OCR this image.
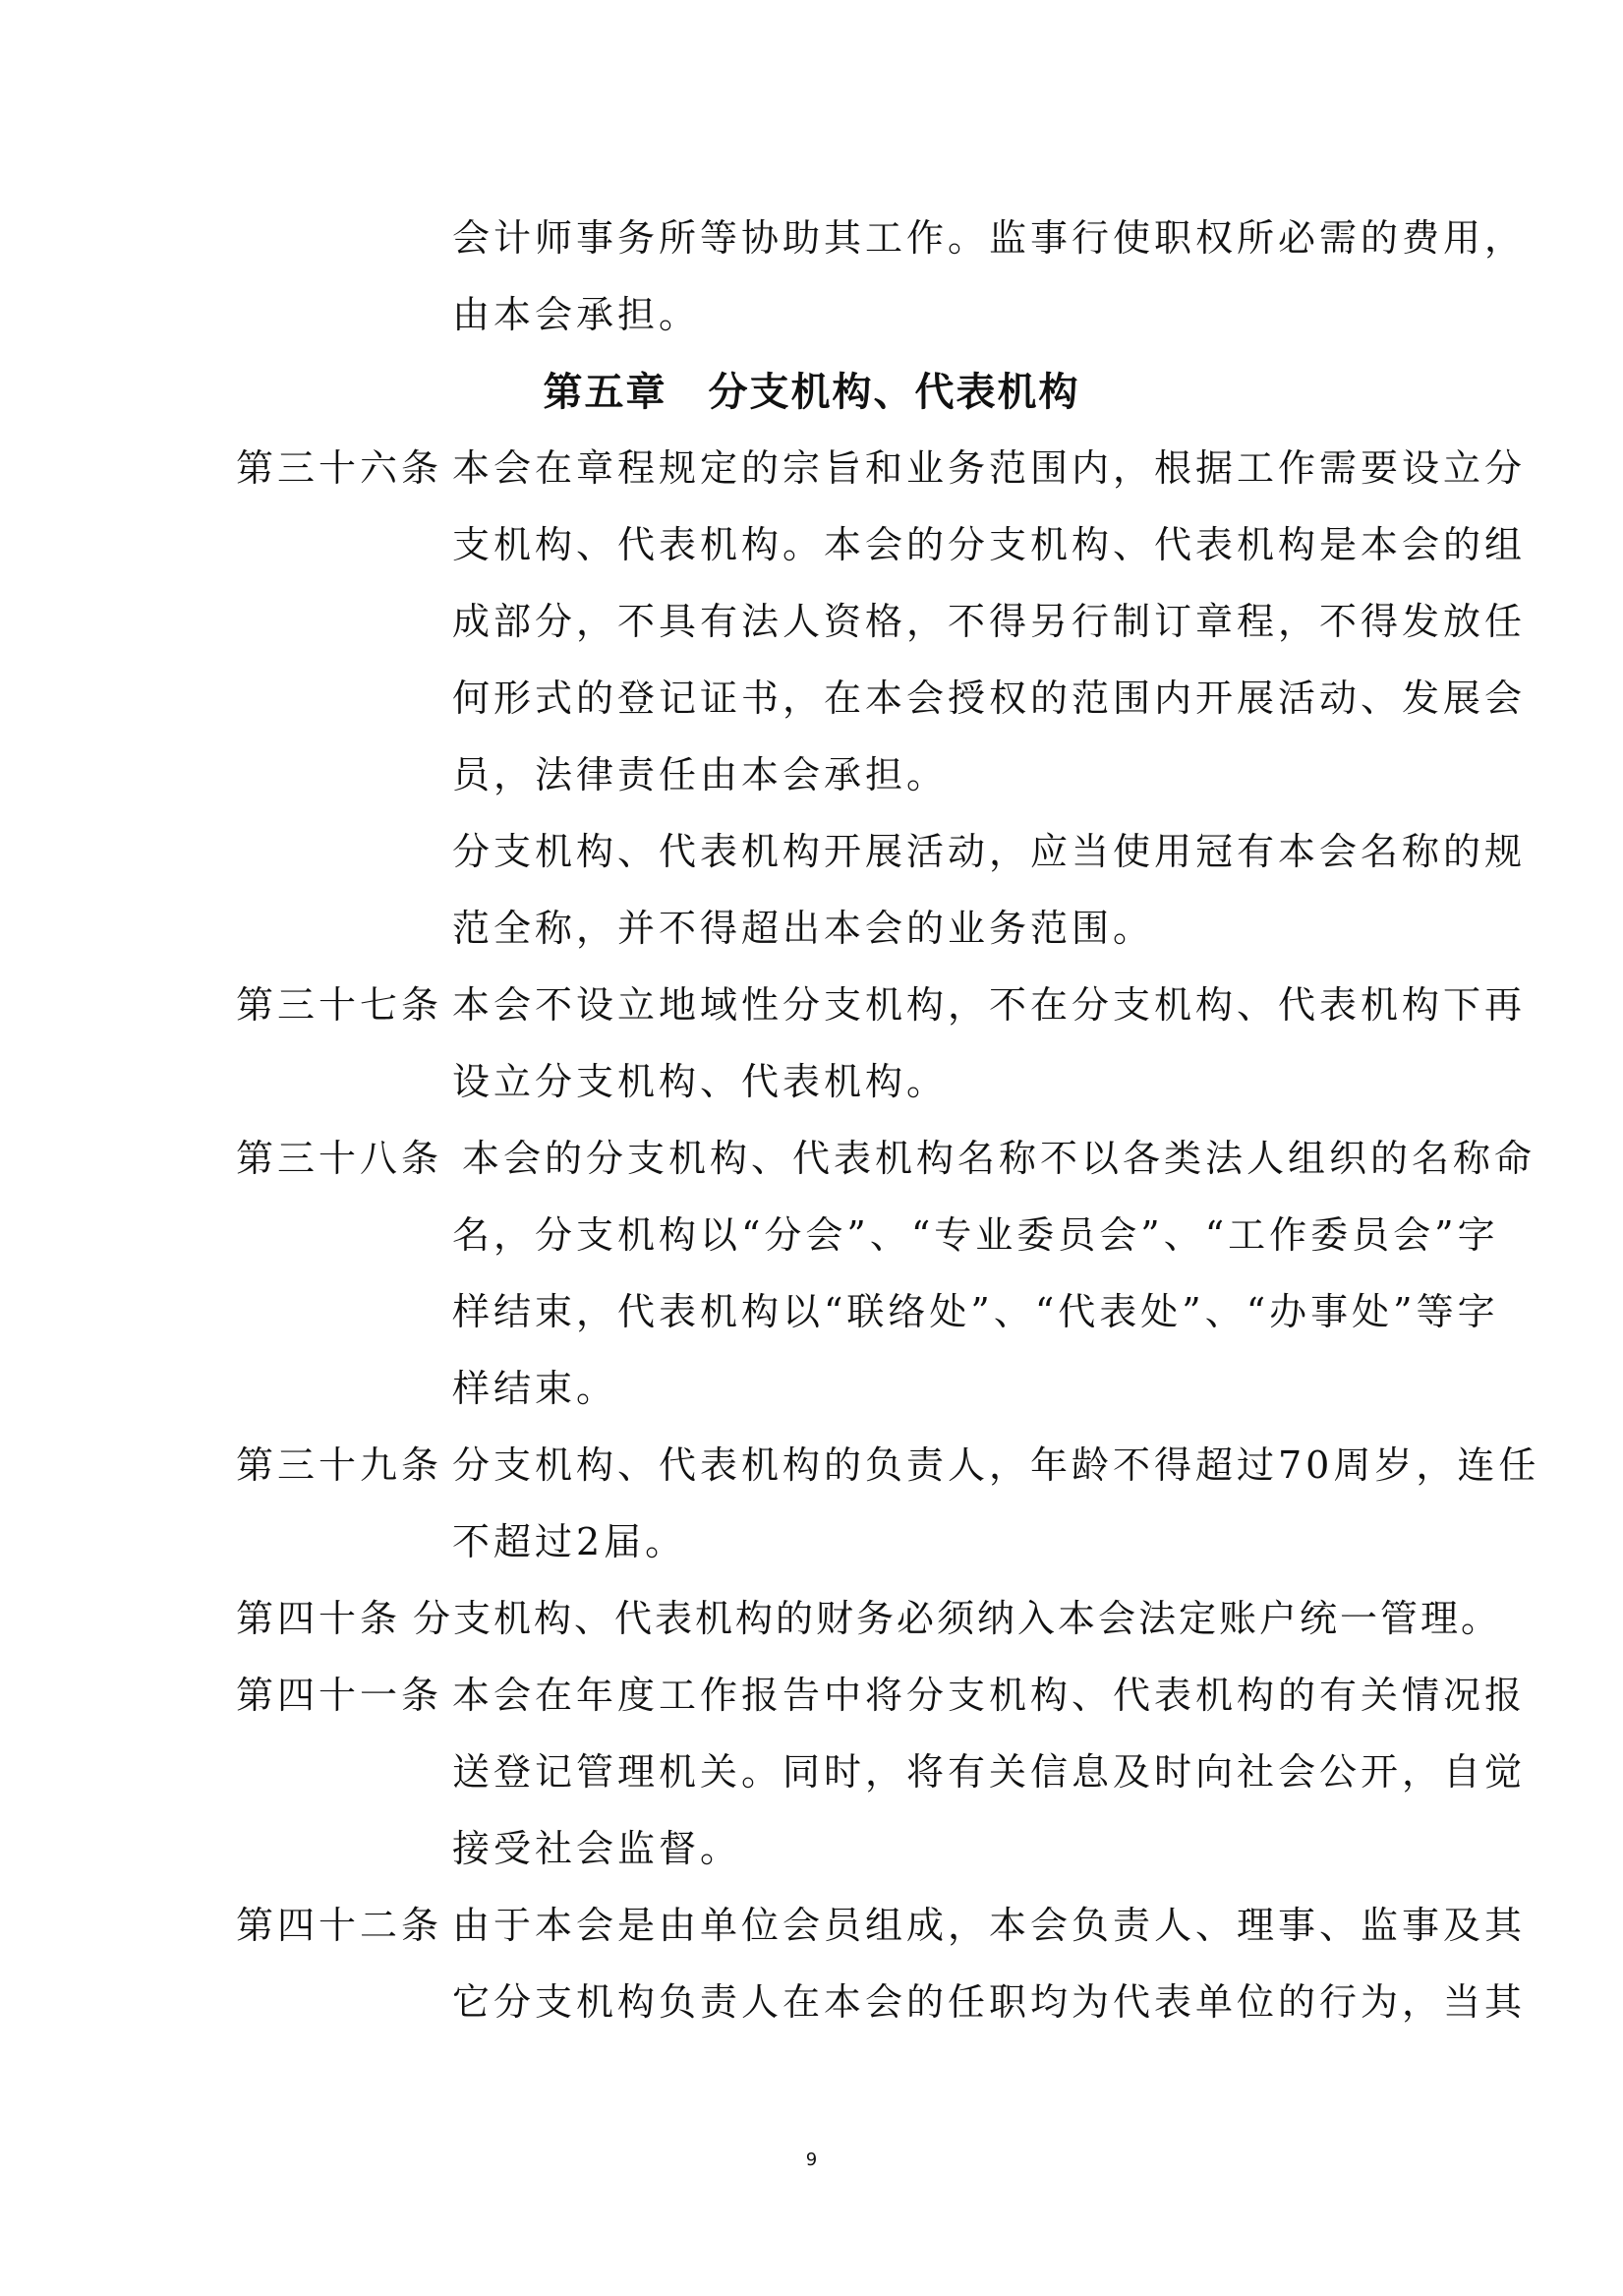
会计师事务所等协助其工作。监事行使职权所必需的费用，
由本会承担。
第五章　分支机构、代表机构
第三十六条 本会在章程规定的宗旨和业务范围内，根据工作需要设立分
支机构、代表机构。本会的分支机构、代表机构是本会的组
成部分，不具有法人资格，不得另行制订章程，不得发放任
何形式的登记证书，在本会授权的范围内开展活动、发展会
员，法律责任由本会承担。
分支机构、代表机构开展活动，应当使用冠有本会名称的规
范全称，并不得超出本会的业务范围。
第三十七条 本会不设立地域性分支机构，不在分支机构、代表机构下再
设立分支机构、代表机构。
第三十八条 本会的分支机构、代表机构名称不以各类法人组织的名称命
名，分支机构以“分会”、“专业委员会”、“工作委员会”字
样结束，代表机构以“联络处”、“代表处”、“办事处”等字
样结束。
第三十九条 分支机构、代表机构的负责人，年龄不得超过70周岁，连任
不超过2届。
第四十条 分支机构、代表机构的财务必须纳入本会法定账户统一管理。
第四十一条 本会在年度工作报告中将分支机构、代表机构的有关情况报
送登记管理机关。同时，将有关信息及时向社会公开，自觉
接受社会监督。
第四十二条 由于本会是由单位会员组成，本会负责人、理事、监事及其
它分支机构负责人在本会的任职均为代表单位的行为，当其
9
